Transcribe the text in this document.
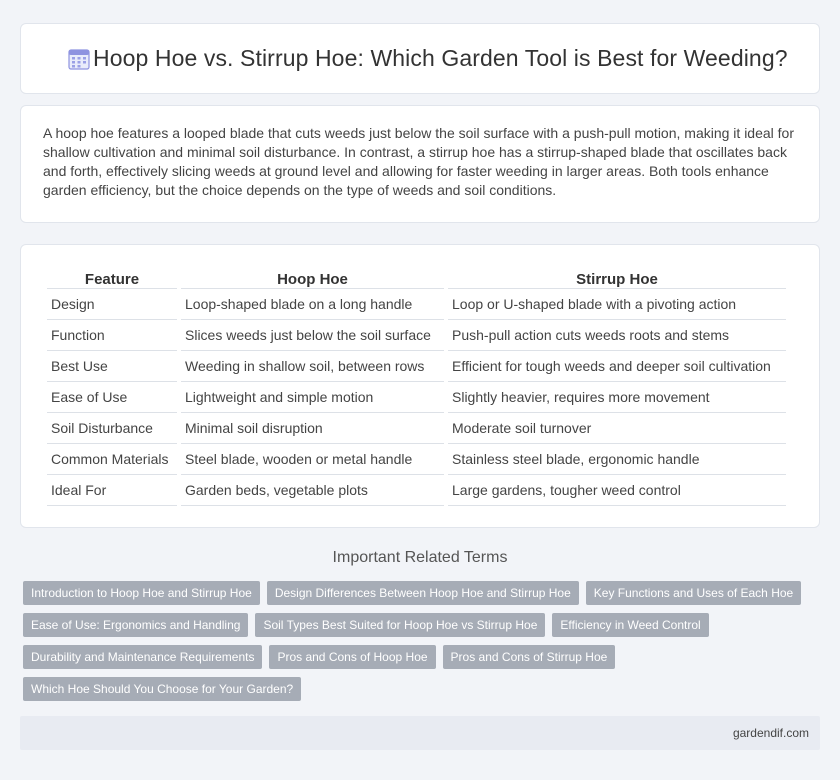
Hoop Hoe vs. Stirrup Hoe: Which Garden Tool is Best for Weeding?

A hoop hoe features a looped blade that cuts weeds just below the soil surface with a push-pull motion, making it ideal for shallow cultivation and minimal soil disturbance. In contrast, a stirrup hoe has a stirrup-shaped blade that oscillates back and forth, effectively slicing weeds at ground level and allowing for faster weeding in larger areas. Both tools enhance garden efficiency, but the choice depends on the type of weeds and soil conditions.

Feature	Hoop Hoe	Stirrup Hoe
Design	Loop-shaped blade on a long handle	Loop or U-shaped blade with a pivoting action
Function	Slices weeds just below the soil surface	Push-pull action cuts weeds roots and stems
Best Use	Weeding in shallow soil, between rows	Efficient for tough weeds and deeper soil cultivation
Ease of Use	Lightweight and simple motion	Slightly heavier, requires more movement
Soil Disturbance	Minimal soil disruption	Moderate soil turnover
Common Materials	Steel blade, wooden or metal handle	Stainless steel blade, ergonomic handle
Ideal For	Garden beds, vegetable plots	Large gardens, tougher weed control
Important Related Terms
Introduction to Hoop Hoe and Stirrup Hoe	Design Differences Between Hoop Hoe and Stirrup Hoe	Key Functions and Uses of Each Hoe
Ease of Use: Ergonomics and Handling	Soil Types Best Suited for Hoop Hoe vs Stirrup Hoe	Efficiency in Weed Control
Durability and Maintenance Requirements	Pros and Cons of Hoop Hoe	Pros and Cons of Stirrup Hoe
Which Hoe Should You Choose for Your Garden?
gardendif.com
